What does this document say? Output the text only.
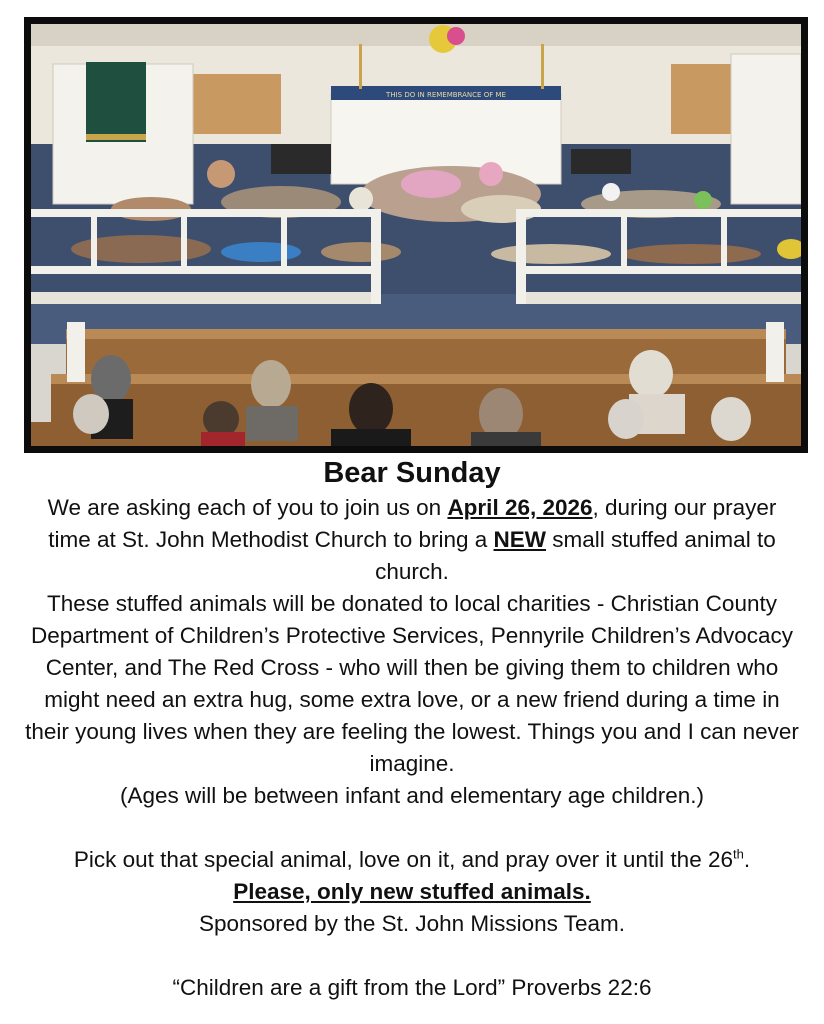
THIS DO IN REMEMBRANCE OF ME
Bear Sunday

We are asking each of you to join us on April 26, 2026, during our prayer time at St. John Methodist Church to bring a NEW small stuffed animal to church.

These stuffed animals will be donated to local charities - Christian County Department of Children’s Protective Services, Pennyrile Children’s Advocacy Center, and The Red Cross - who will then be giving them to children who might need an extra hug, some extra love, or a new friend during a time in their young lives when they are feeling the lowest. Things you and I can never imagine.

(Ages will be between infant and elementary age children.)

Pick out that special animal, love on it, and pray over it until the 26th.

Please, only new stuffed animals.

Sponsored by the St. John Missions Team.

“Children are a gift from the Lord” Proverbs 22:6
